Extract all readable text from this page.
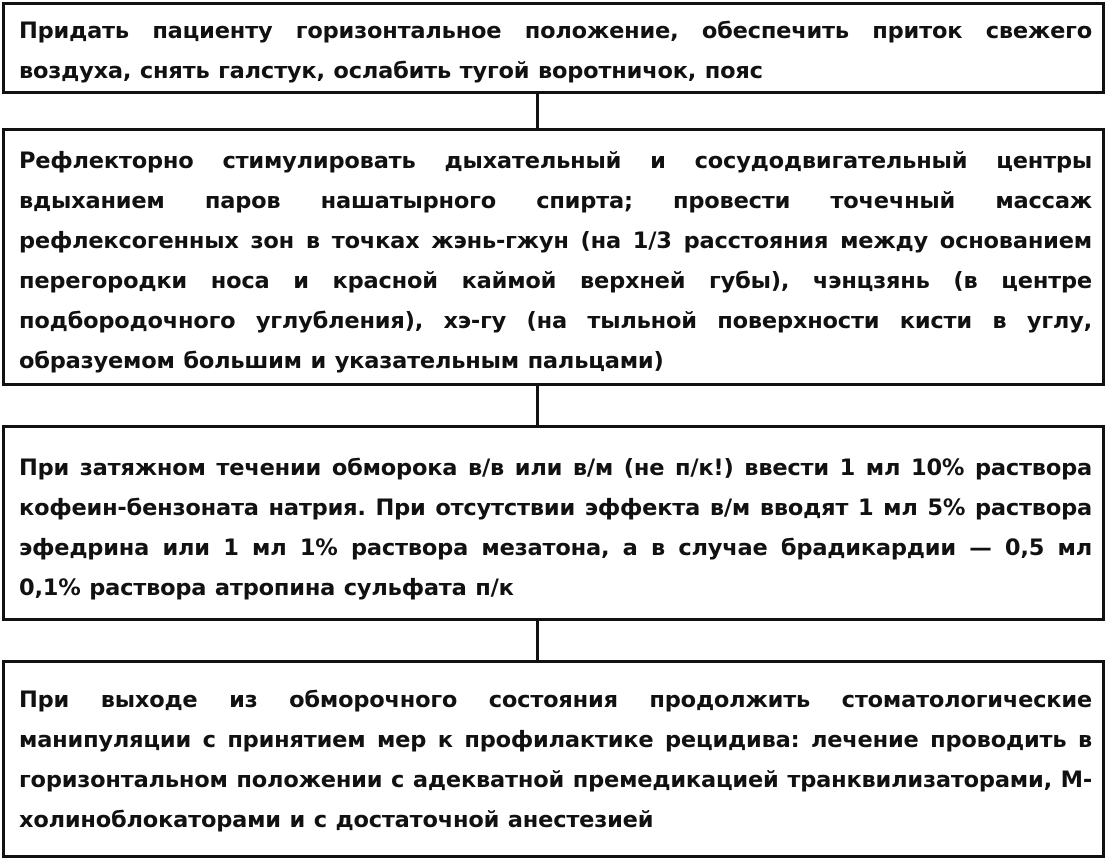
Придать пациенту горизонтальное положение, обеспечить приток свежего воздуха, снять галстук, ослабить тугой воротничок, пояс

Рефлекторно стимулировать дыхательный и сосудодвигательный центры вдыханием паров нашатырного спирта; провести точечный массаж рефлексогенных зон в точках жэнь-гжун (на 1/3 расстояния между основанием перегородки носа и красной каймой верхней губы), чэнцзянь (в центре подбородочного углубления), хэ-гу (на тыльной поверхности кисти в углу, образуемом большим и указательным пальцами)

При затяжном течении обморока в/в или в/м (не п/к!) ввести 1 мл 10% раствора кофеин-бензоната натрия. При отсутствии эффекта в/м вводят 1 мл 5% раствора эфедрина или 1 мл 1% раствора мезатона, а в случае брадикардии — 0,5 мл 0,1% раствора атропина сульфата п/к

При выходе из обморочного состояния продолжить стоматологические манипуляции с принятием мер к профилактике рецидива: лечение проводить в горизонтальном положении с адекватной премедикацией транквилизаторами, М-холиноблокаторами и с достаточной анестезией
